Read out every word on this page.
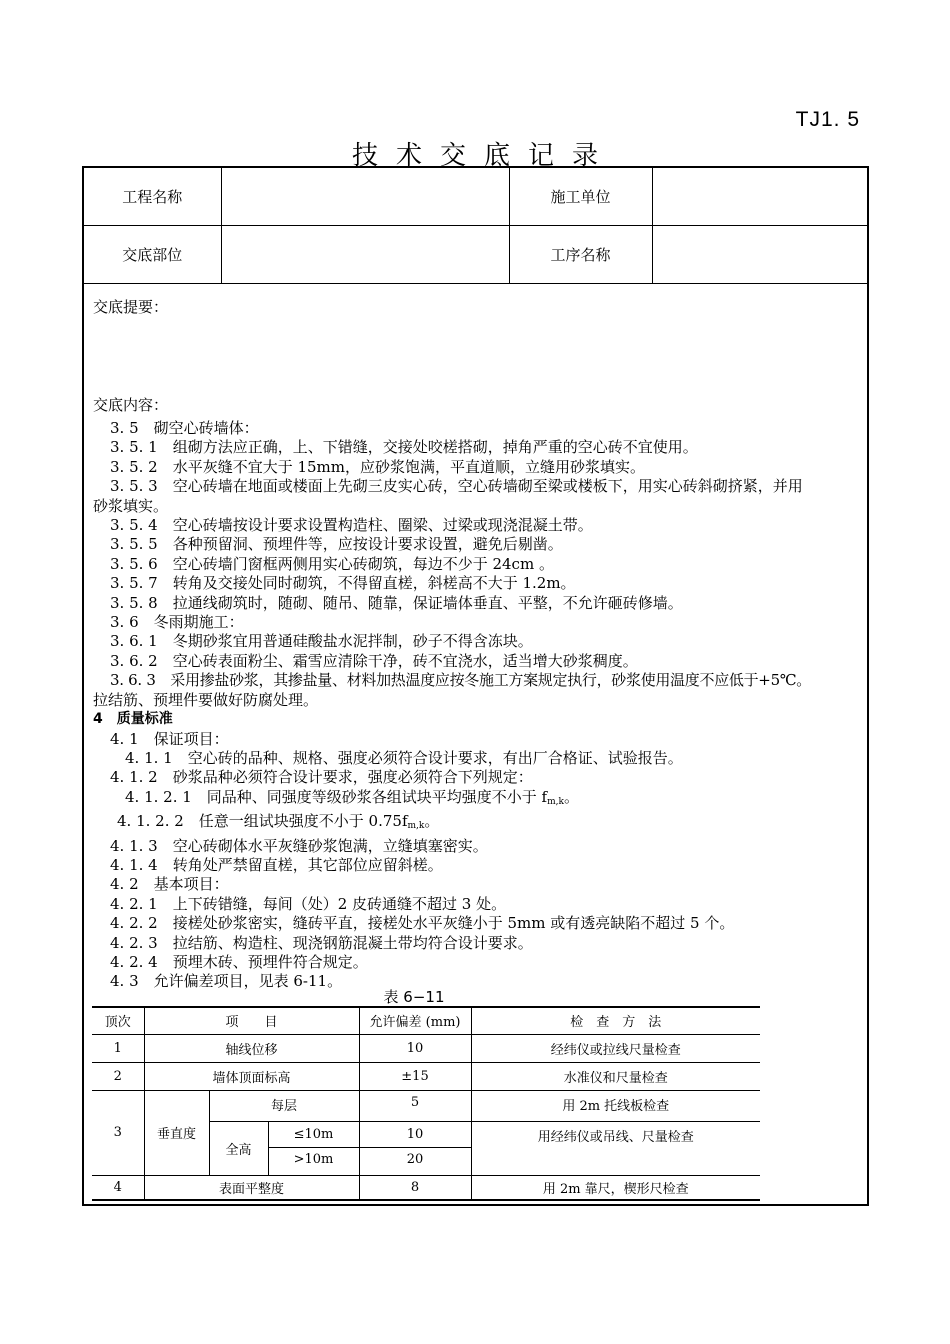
TJ1. 5
技术交底记录
工程名称		施工单位	
交底部位		工序名称	
交底提要：
交底内容：
3. 5　砌空心砖墙体：
3. 5. 1　组砌方法应正确，上、下错缝，交接处咬槎搭砌，掉角严重的空心砖不宜使用。
3. 5. 2　水平灰缝不宜大于 15mm，应砂浆饱满，平直道顺，立缝用砂浆填实。
3. 5. 3　空心砖墙在地面或楼面上先砌三皮实心砖，空心砖墙砌至梁或楼板下，用实心砖斜砌挤紧，并用
砂浆填实。
3. 5. 4　空心砖墙按设计要求设置构造柱、圈梁、过梁或现浇混凝土带。
3. 5. 5　各种预留洞、预埋件等，应按设计要求设置，避免后剔凿。
3. 5. 6　空心砖墙门窗框两侧用实心砖砌筑，每边不少于 24cm 。
3. 5. 7　转角及交接处同时砌筑，不得留直槎，斜槎高不大于 1.2m。
3. 5. 8　拉通线砌筑时，随砌、随吊、随靠，保证墙体垂直、平整，不允许砸砖修墙。
3. 6　冬雨期施工：
3. 6. 1　冬期砂浆宜用普通硅酸盐水泥拌制，砂子不得含冻块。
3. 6. 2　空心砖表面粉尘、霜雪应清除干净，砖不宜浇水，适当增大砂浆稠度。
3. 6. 3　采用掺盐砂浆，其掺盐量、材料加热温度应按冬施工方案规定执行，砂浆使用温度不应低于+5℃。
拉结筋、预埋件要做好防腐处理。
4　质量标准
4. 1　保证项目：
4. 1. 1　空心砖的品种、规格、强度必须符合设计要求，有出厂合格证、试验报告。
4. 1. 2　砂浆品种必须符合设计要求，强度必须符合下列规定：
4. 1. 2. 1　同品种、同强度等级砂浆各组试块平均强度不小于 $f_{m,k}$。
4. 1. 2. 2　任意一组试块强度不小于 $0.75f_{m,k}$。
4. 1. 3　空心砖砌体水平灰缝砂浆饱满，立缝填塞密实。
4. 1. 4　转角处严禁留直槎，其它部位应留斜槎。
4. 2　基本项目：
4. 2. 1　上下砖错缝，每间（处）2 皮砖通缝不超过 3 处。
4. 2. 2　接槎处砂浆密实，缝砖平直，接槎处水平灰缝小于 5mm 或有透亮缺陷不超过 5 个。
4. 2. 3　拉结筋、构造柱、现浇钢筋混凝土带均符合设计要求。
4. 2. 4　预埋木砖、预埋件符合规定。
4. 3　允许偏差项目，见表 6-11。
表 6−11
顶次	项　　目			允许偏差 (mm)	检　查　方　法
1	轴线位移			10	经纬仪或拉线尺量检查
2	墙体顶面标高			±15	水准仪和尺量检查
3	垂直度	每层		5	用 2m 托线板检查
		全高	≤10m	10	用经纬仪或吊线、尺量检查
			>10m	20	
4	表面平整度			8	用 2m 靠尺，楔形尺检查
